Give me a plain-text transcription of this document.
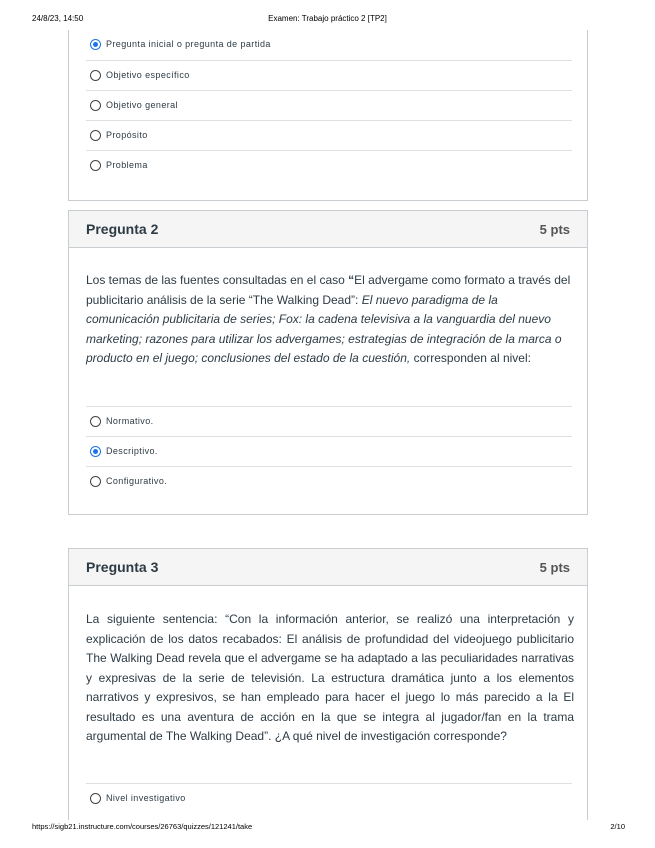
24/8/23, 14:50	Examen: Trabajo práctico 2 [TP2]
Pregunta inicial o pregunta de partida
Objetivo específico
Objetivo general
Propósito
Problema
Pregunta 2	5 pts
Los temas de las fuentes consultadas en el caso “El advergame como formato a través del publicitario análisis de la serie “The Walking Dead”: El nuevo paradigma de la comunicación publicitaria de series; Fox: la cadena televisiva a la vanguardia del nuevo marketing; razones para utilizar los advergames; estrategias de integración de la marca o producto en el juego; conclusiones del estado de la cuestión, corresponden al nivel:
Normativo.
Descriptivo.
Configurativo.
Pregunta 3	5 pts
La siguiente sentencia: “Con la información anterior, se realizó una interpretación y explicación de los datos recabados: El análisis de profundidad del videojuego publicitario The Walking Dead revela que el advergame se ha adaptado a las peculiaridades narrativas y expresivas de la serie de televisión. La estructura dramática junto a los elementos narrativos y expresivos, se han empleado para hacer el juego lo más parecido a la El resultado es una aventura de acción en la que se integra al jugador/fan en la trama argumental de The Walking Dead”. ¿A qué nivel de investigación corresponde?
Nivel investigativo
https://sigb21.instructure.com/courses/26763/quizzes/121241/take	2/10
